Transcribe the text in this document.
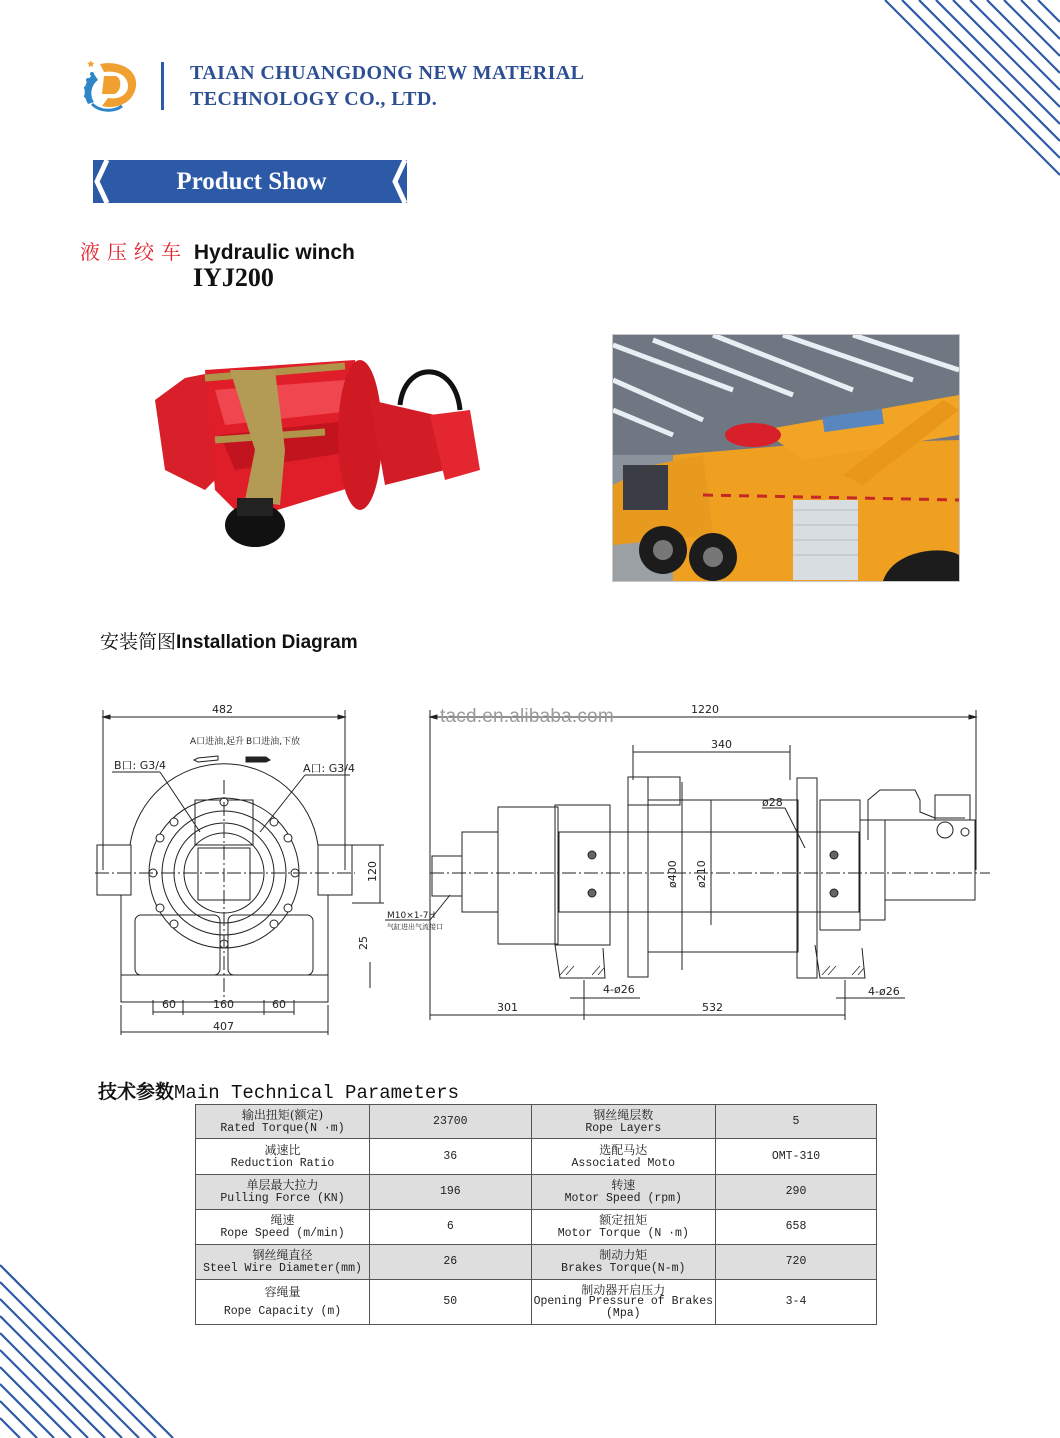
TAIAN CHUANGDONG NEW MATERIAL
TECHNOLOGY CO., LTD.
Product Show
液压绞车 Hydraulic winch
IYJ200
安装简图Installation Diagram
482
A口进油,起升 B口进油,下放
B口: G3/4	A口: G3/4
120
25
M10×1-7H
气缸进出气流接口
60	160	60
407
1220
340
ø28
ø400 ø210
4-ø26	4-ø26
301	532
tacd.en.alibaba.com
技术参数Main Technical Parameters
输出扭矩(额定)
Rated Torque(N ·m)	23700	钢丝绳层数
Rope Layers	5

减速比
Reduction Ratio	36	选配马达
Associated Moto	OMT-310

单层最大拉力
Pulling Force (KN)	196	转速
Motor Speed (rpm)	290

绳速
Rope Speed (m/min)	6	额定扭矩
Motor Torque (N ·m)	658

钢丝绳直径
Steel Wire Diameter(mm)	26	制动力矩
Brakes Torque(N-m)	720

容绳量
Rope Capacity (m)	50	制动器开启压力
Opening Pressure of Brakes
(Mpa)	3-4
